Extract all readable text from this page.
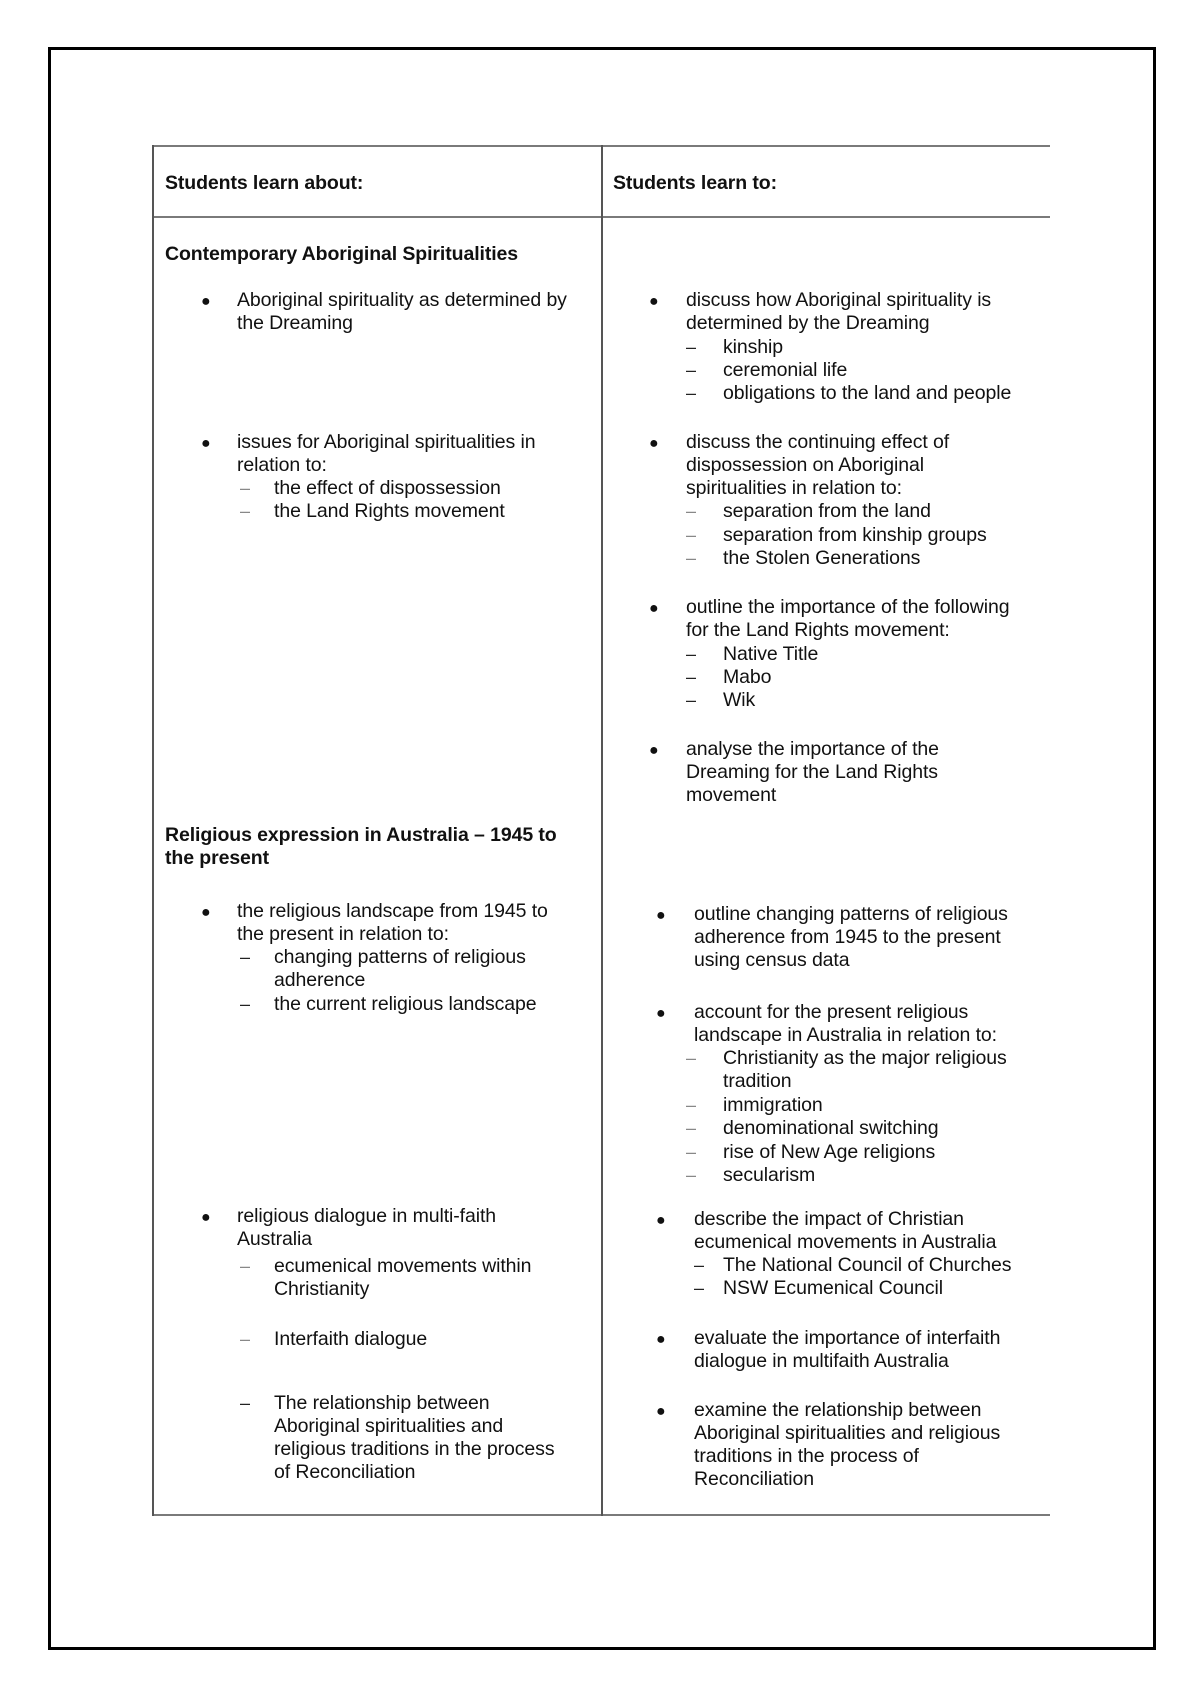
Students learn about:	Students learn to:
Contemporary Aboriginal Spiritualities
● Aboriginal spirituality as determined by
the Dreaming
● issues for Aboriginal spiritualities in
relation to:
– the effect of dispossession
– the Land Rights movement
● discuss how Aboriginal spirituality is
determined by the Dreaming
– kinship
– ceremonial life
– obligations to the land and people
● discuss the continuing effect of
dispossession on Aboriginal
spiritualities in relation to:
– separation from the land
– separation from kinship groups
– the Stolen Generations
● outline the importance of the following
for the Land Rights movement:
– Native Title
– Mabo
– Wik
● analyse the importance of the
Dreaming for the Land Rights
movement
Religious expression in Australia – 1945 to
the present
● the religious landscape from 1945 to
the present in relation to:
– changing patterns of religious
adherence
– the current religious landscape
● religious dialogue in multi-faith
Australia
– ecumenical movements within
Christianity
– Interfaith dialogue
– The relationship between
Aboriginal spiritualities and
religious traditions in the process
of Reconciliation
● outline changing patterns of religious
adherence from 1945 to the present
using census data
● account for the present religious
landscape in Australia in relation to:
– Christianity as the major religious
tradition
– immigration
– denominational switching
– rise of New Age religions
– secularism
● describe the impact of Christian
ecumenical movements in Australia
– The National Council of Churches
– NSW Ecumenical Council
● evaluate the importance of interfaith
dialogue in multifaith Australia
● examine the relationship between
Aboriginal spiritualities and religious
traditions in the process of
Reconciliation
